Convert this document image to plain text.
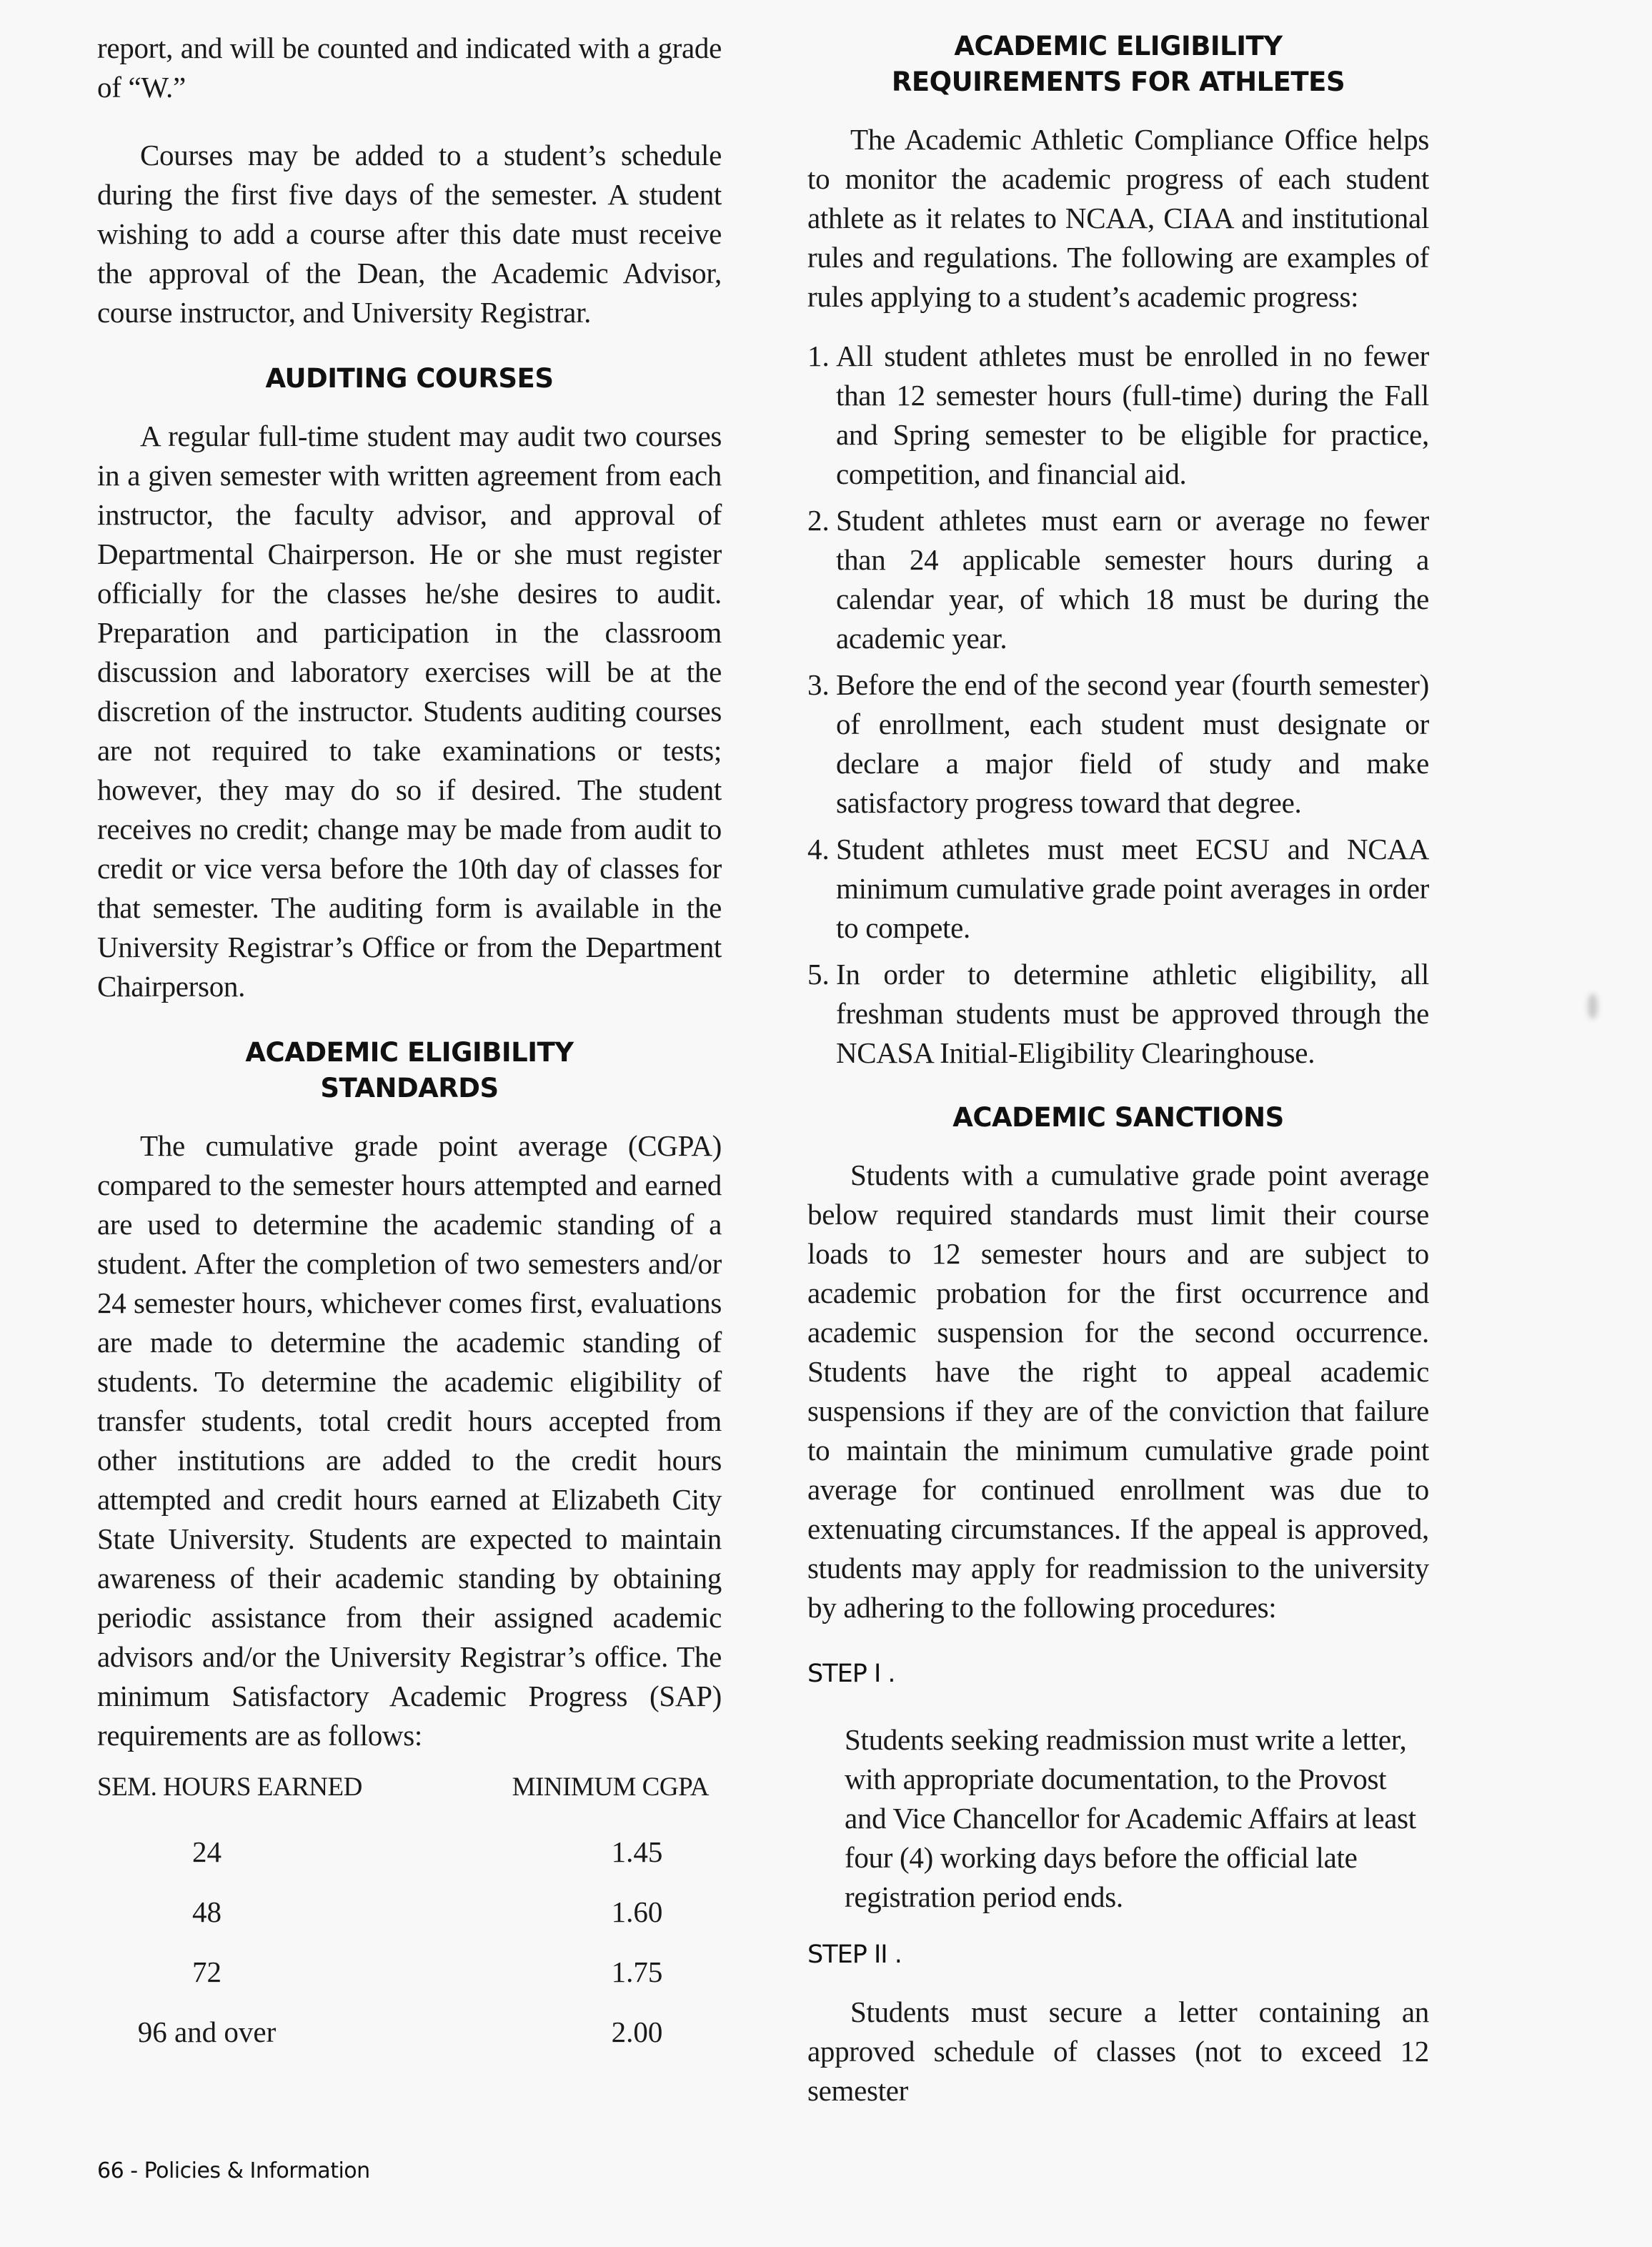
report, and will be counted and indicated with a grade of “W.”

Courses may be added to a student’s schedule during the first five days of the semester. A student wishing to add a course after this date must receive the approval of the Dean, the Academic Advisor, course instructor, and University Registrar.

AUDITING COURSES

A regular full-time student may audit two courses in a given semester with written agreement from each instructor, the faculty advisor, and approval of Departmental Chairperson. He or she must register officially for the classes he/she desires to audit. Preparation and participation in the classroom discussion and laboratory exercises will be at the discretion of the instructor. Students auditing courses are not required to take examinations or tests; however, they may do so if desired. The student receives no credit; change may be made from audit to credit or vice versa before the 10th day of classes for that semester. The auditing form is available in the University Registrar’s Office or from the Department Chairperson.

ACADEMIC ELIGIBILITY
STANDARDS

The cumulative grade point average (CGPA) compared to the semester hours attempted and earned are used to determine the academic standing of a student. After the completion of two semesters and/or 24 semester hours, whichever comes first, evaluations are made to determine the academic standing of students. To determine the academic eligibility of transfer students, total credit hours accepted from other institutions are added to the credit hours attempted and credit hours earned at Elizabeth City State University. Students are expected to maintain awareness of their academic standing by obtaining periodic assistance from their assigned academic advisors and/or the University Registrar’s office. The minimum Satisfactory Academic Progress (SAP) requirements are as follows:

SEM. HOURS EARNED	MINIMUM CGPA
24	1.45
48	1.60
72	1.75
96 and over	2.00
ACADEMIC ELIGIBILITY
REQUIREMENTS FOR ATHLETES

The Academic Athletic Compliance Office helps to monitor the academic progress of each student athlete as it relates to NCAA, CIAA and institutional rules and regulations. The following are examples of rules applying to a student’s academic progress:

1. All student athletes must be enrolled in no fewer than 12 semester hours (full-time) during the Fall and Spring semester to be eligible for practice, competition, and financial aid.
2. Student athletes must earn or average no fewer than 24 applicable semester hours during a calendar year, of which 18 must be during the academic year.
3. Before the end of the second year (fourth semester) of enrollment, each student must designate or declare a major field of study and make satisfactory progress toward that degree.
4. Student athletes must meet ECSU and NCAA minimum cumulative grade point averages in order to compete.
5. In order to determine athletic eligibility, all freshman students must be approved through the NCASA Initial-Eligibility Clearinghouse.
ACADEMIC SANCTIONS

Students with a cumulative grade point average below required standards must limit their course loads to 12 semester hours and are subject to academic probation for the first occurrence and academic suspension for the second occurrence. Students have the right to appeal academic suspensions if they are of the conviction that failure to maintain the minimum cumulative grade point average for continued enrollment was due to extenuating circumstances. If the appeal is approved, students may apply for readmission to the university by adhering to the following procedures:

STEP I .
Students seeking readmission must write a letter, with appropriate documentation, to the Provost and Vice Chancellor for Academic Affairs at least four (4) working days before the official late registration period ends.
STEP II .

Students must secure a letter containing an approved schedule of classes (not to exceed 12 semester

66 - Policies & Information
